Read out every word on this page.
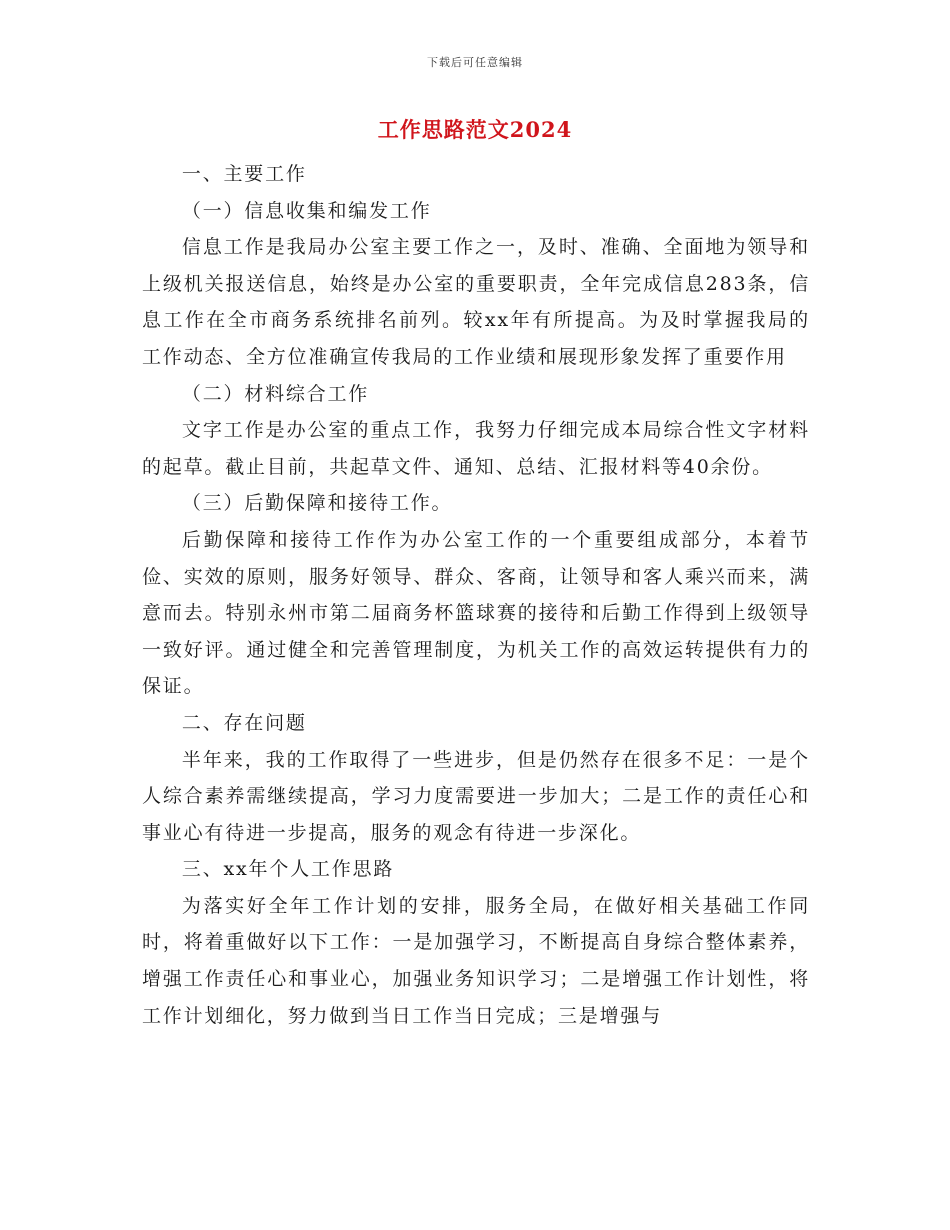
下载后可任意编辑
工作思路范文2024

一、主要工作

（一）信息收集和编发工作

信息工作是我局办公室主要工作之一，及时、准确、全面地为领导和上级机关报送信息，始终是办公室的重要职责，全年完成信息283条，信息工作在全市商务系统排名前列。较xx年有所提高。为及时掌握我局的工作动态、全方位准确宣传我局的工作业绩和展现形象发挥了重要作用

（二）材料综合工作

文字工作是办公室的重点工作，我努力仔细完成本局综合性文字材料的起草。截止目前，共起草文件、通知、总结、汇报材料等40余份。

（三）后勤保障和接待工作。

后勤保障和接待工作作为办公室工作的一个重要组成部分，本着节俭、实效的原则，服务好领导、群众、客商，让领导和客人乘兴而来，满意而去。特别永州市第二届商务杯篮球赛的接待和后勤工作得到上级领导一致好评。通过健全和完善管理制度，为机关工作的高效运转提供有力的保证。

二、存在问题

半年来，我的工作取得了一些进步，但是仍然存在很多不足：一是个人综合素养需继续提高，学习力度需要进一步加大；二是工作的责任心和事业心有待进一步提高，服务的观念有待进一步深化。

三、xx年个人工作思路

为落实好全年工作计划的安排，服务全局，在做好相关基础工作同时，将着重做好以下工作：一是加强学习，不断提高自身综合整体素养，增强工作责任心和事业心，加强业务知识学习；二是增强工作计划性，将工作计划细化，努力做到当日工作当日完成；三是增强与
